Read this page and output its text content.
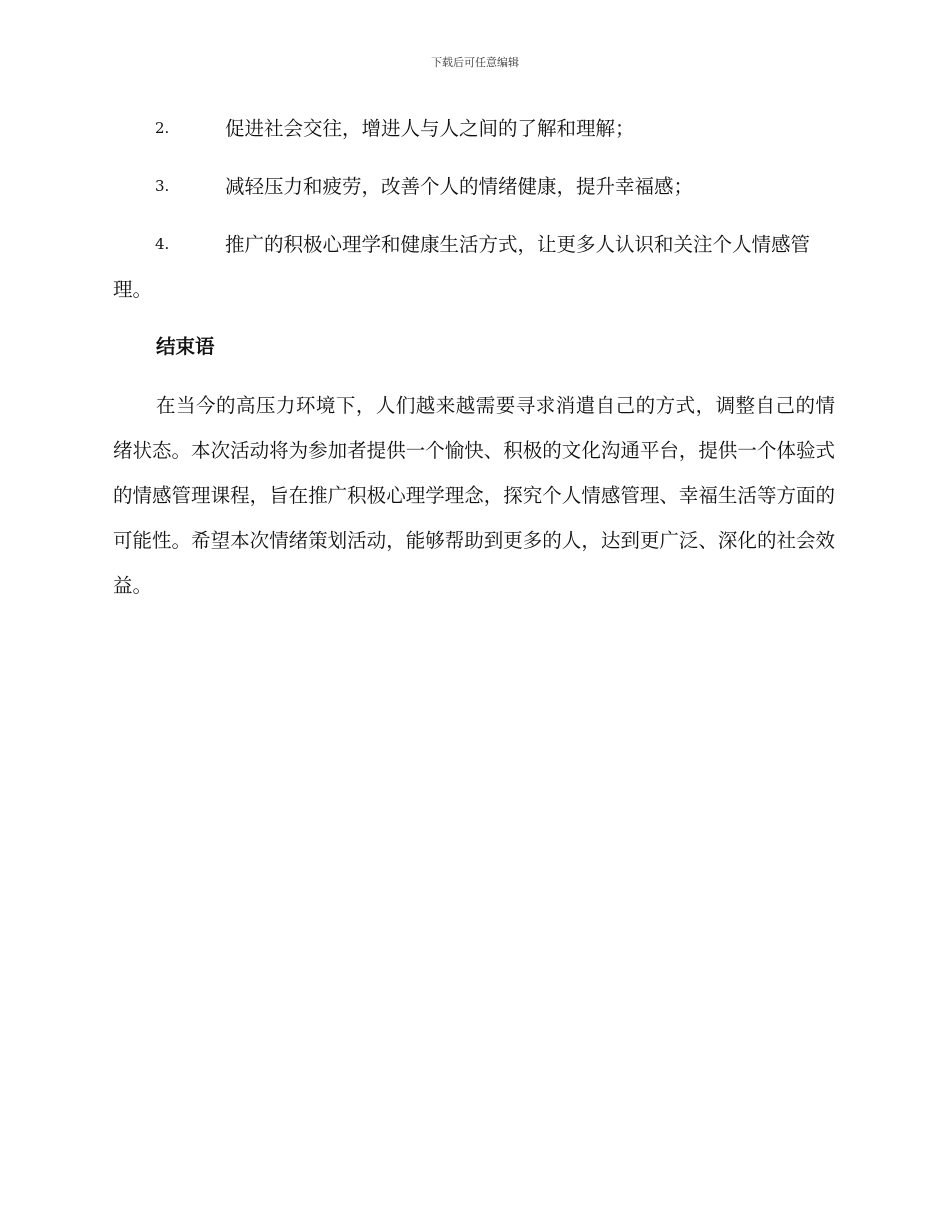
下载后可任意编辑
2.	促进社会交往，增进人与人之间的了解和理解；
3.	减轻压力和疲劳，改善个人的情绪健康，提升幸福感；
4.	推广的积极心理学和健康生活方式，让更多人认识和关注个人情感管理。
结束语
在当今的高压力环境下，人们越来越需要寻求消遣自己的方式，调整自己的情绪状态。本次活动将为参加者提供一个愉快、积极的文化沟通平台，提供一个体验式的情感管理课程，旨在推广积极心理学理念，探究个人情感管理、幸福生活等方面的可能性。希望本次情绪策划活动，能够帮助到更多的人，达到更广泛、深化的社会效益。
